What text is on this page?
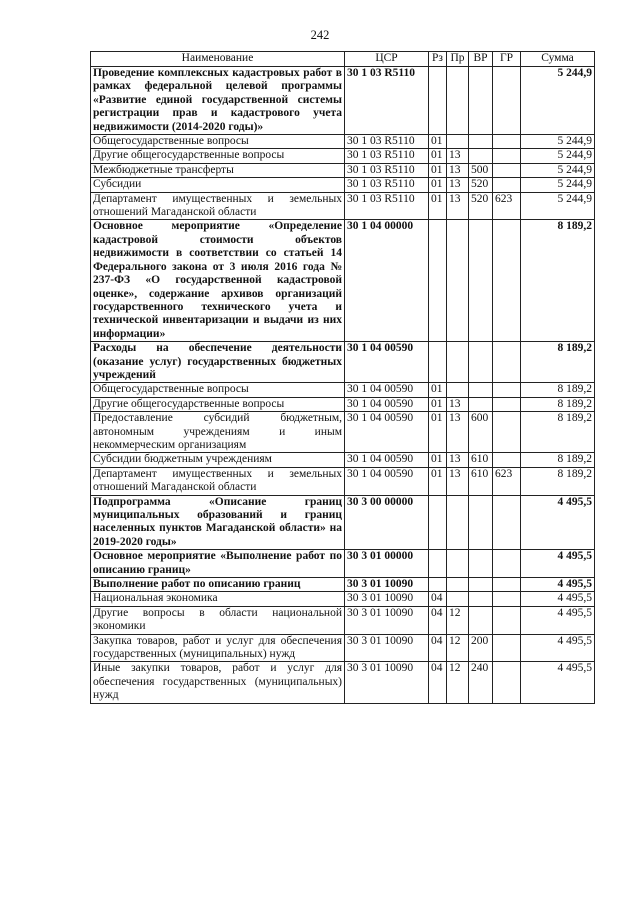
242
Наименование	ЦСР	Рз	Пр	ВР	ГР	Сумма
Проведение комплексных кадастровых работ в рамках федеральной целевой программы «Развитие единой государственной системы регистрации прав и кадастрового учета недвижимости (2014-2020 годы)»	30 1 03 R5110					5 244,9
Общегосударственные вопросы	30 1 03 R5110	01				5 244,9
Другие общегосударственные вопросы	30 1 03 R5110	01	13			5 244,9
Межбюджетные трансферты	30 1 03 R5110	01	13	500		5 244,9
Субсидии	30 1 03 R5110	01	13	520		5 244,9
Департамент имущественных и земельных отношений Магаданской области	30 1 03 R5110	01	13	520	623	5 244,9
Основное мероприятие «Определение кадастровой стоимости объектов недвижимости в соответствии со статьей 14 Федерального закона от 3 июля 2016 года № 237-ФЗ «О государственной кадастровой оценке», содержание архивов организаций государственного технического учета и технической инвентаризации и выдачи из них информации»	30 1 04 00000					8 189,2
Расходы на обеспечение деятельности (оказание услуг) государственных бюджетных учреждений	30 1 04 00590					8 189,2
Общегосударственные вопросы	30 1 04 00590	01				8 189,2
Другие общегосударственные вопросы	30 1 04 00590	01	13			8 189,2
Предоставление субсидий бюджетным, автономным учреждениям и иным некоммерческим организациям	30 1 04 00590	01	13	600		8 189,2
Субсидии бюджетным учреждениям	30 1 04 00590	01	13	610		8 189,2
Департамент имущественных и земельных отношений Магаданской области	30 1 04 00590	01	13	610	623	8 189,2
Подпрограмма «Описание границ муниципальных образований и границ населенных пунктов Магаданской области» на 2019-2020 годы»	30 3 00 00000					4 495,5
Основное мероприятие «Выполнение работ по описанию границ»	30 3 01 00000					4 495,5
Выполнение работ по описанию границ	30 3 01 10090					4 495,5
Национальная экономика	30 3 01 10090	04				4 495,5
Другие вопросы в области национальной экономики	30 3 01 10090	04	12			4 495,5
Закупка товаров, работ и услуг для обеспечения государственных (муниципальных) нужд	30 3 01 10090	04	12	200		4 495,5
Иные закупки товаров, работ и услуг для обеспечения государственных (муниципальных) нужд	30 3 01 10090	04	12	240		4 495,5
